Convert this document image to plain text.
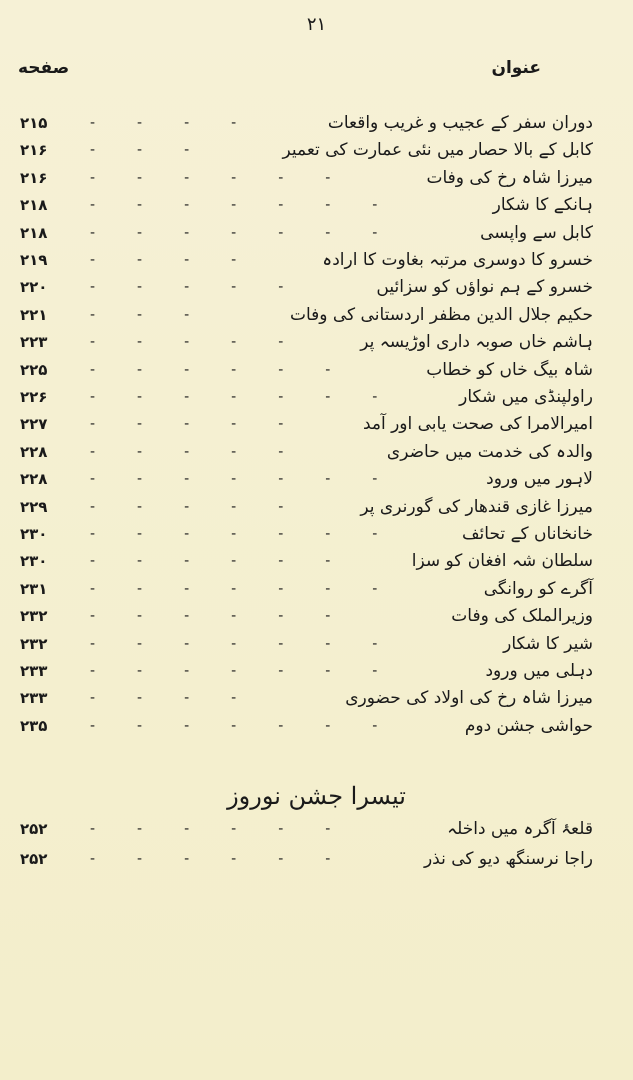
۲۱
عنوان
صفحه
۲۱۵	دوران سفر کے عجیب و غریب واقعات
----
۲۱۶	کابل کے بالا حصار میں نئی عمارت کی تعمیر
---
۲۱۶	میرزا شاہ رخ کی وفات
------
۲۱۸	ہانکے کا شکار
-------
۲۱۸	کابل سے واپسی
-------
۲۱۹	خسرو کا دوسری مرتبہ بغاوت کا ارادہ
----
۲۲۰	خسرو کے ہم نواؤں کو سزائیں
-----
۲۲۱	حکیم جلال الدین مظفر اردستانی کی وفات
---
۲۲۳	ہاشم خاں صوبہ داری اوڑیسہ پر
-----
۲۲۵	شاہ بیگ خاں کو خطاب
------
۲۲۶	راولپنڈی میں شکار
-------
۲۲۷	امیرالامرا کی صحت یابی اور آمد
-----
۲۲۸	والدہ کی خدمت میں حاضری
-----
۲۲۸	لاہور میں ورود
-------
۲۲۹	میرزا غازی قندھار کی گورنری پر
-----
۲۳۰	خانخاناں کے تحائف
-------
۲۳۰	سلطان شہ افغان کو سزا
------
۲۳۱	آگرے کو روانگی
-------
۲۳۲	وزیرالملک کی وفات
------
۲۳۲	شیر کا شکار
-------
۲۳۳	دہلی میں ورود
-------
۲۳۳	میرزا شاہ رخ کی اولاد کی حضوری
----
۲۳۵	حواشی جشن دوم
-------
۲۵۲	قلعۂ آگرہ میں داخلہ
------
۲۵۲	راجا نرسنگھ دیو کی نذر
------
تیسرا جشن نوروز
